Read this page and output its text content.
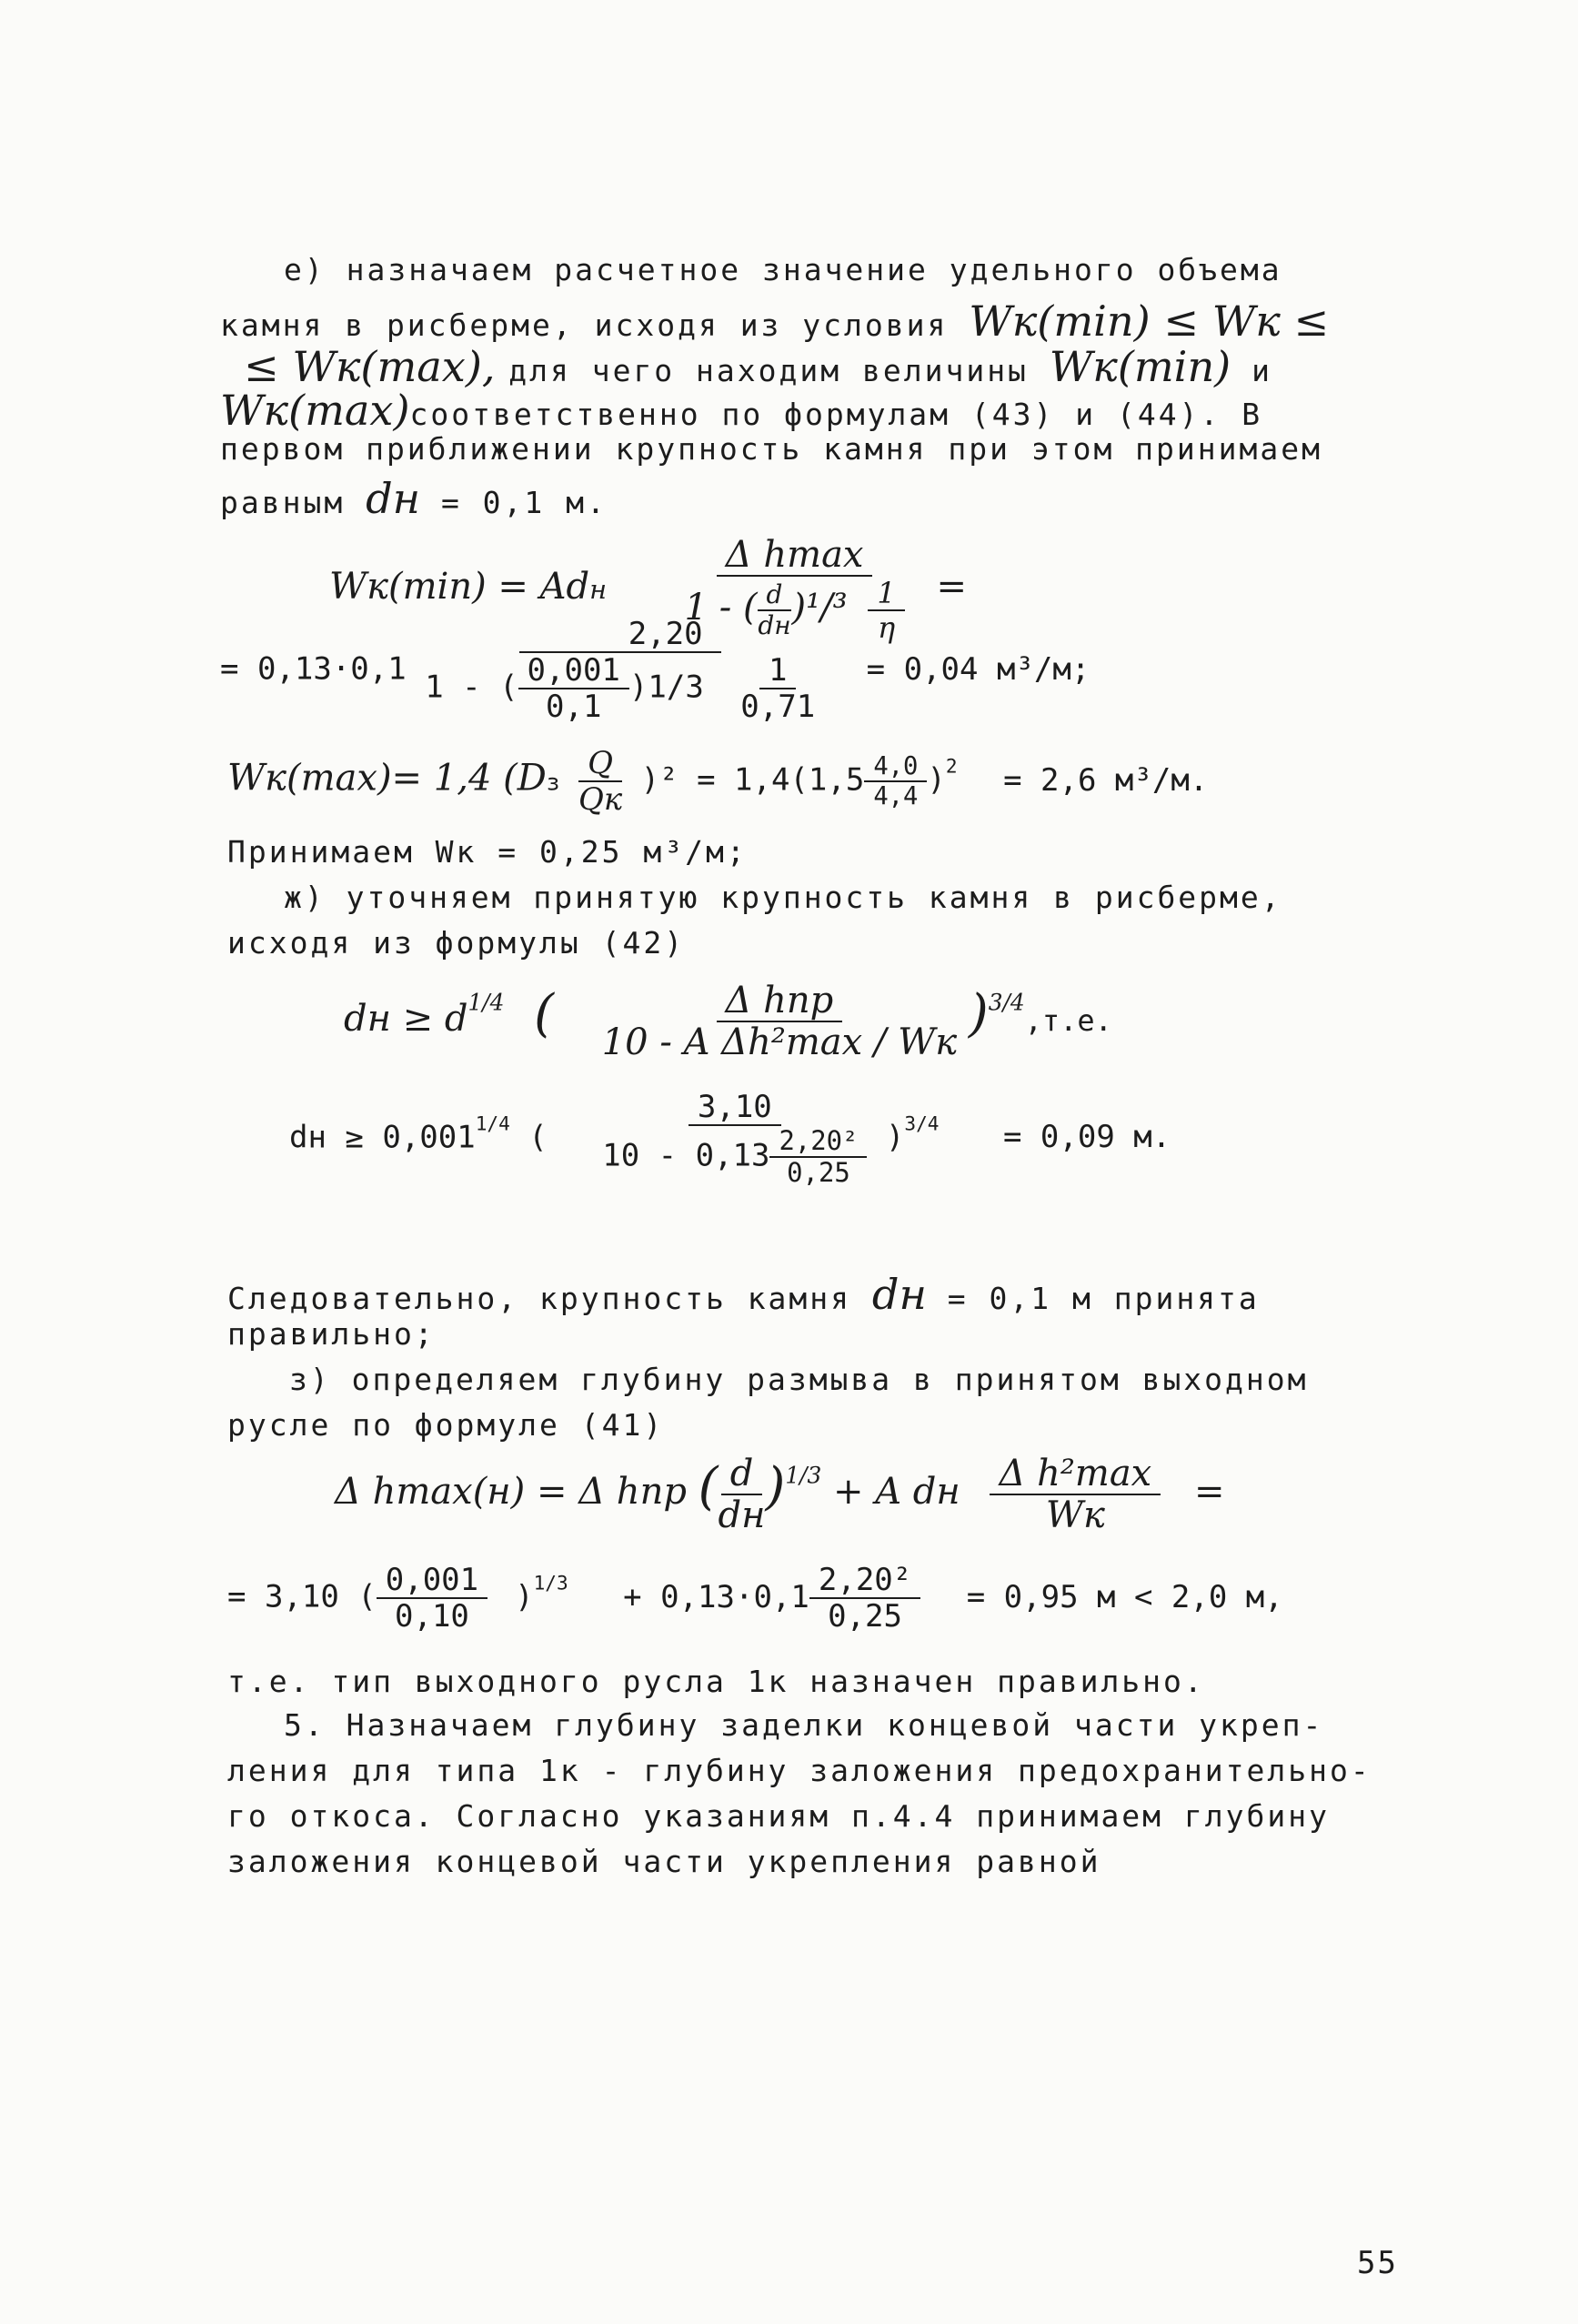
е) назначаем расчетное значение удельного объема
камня в рисберме, исходя из условия Wк(min) ≤ Wк ≤
≤ Wк(max), для чего находим величины Wк(min) и
Wк(max)соответственно по формулам (43) и (44). В
первом приближении крупность камня при этом принимаем
равным dн = 0,1 м.
Wк(min) = Adн $\frac{\text{Δ hmax}}{1 - ( \frac{d}{dн} )^1/^3 \frac{1}{\eta}}$ =
= $0,13\cdot 0,1 \frac{2,20}{1 - ( \frac{0,001}{0,1} )1/3 \frac{1}{0,71}} = 0,04$ м³/м;
Wк(max)= 1,4 $(Dз \frac{Q}{Qк} )^2 = 1,4(1,5 \frac{4,0}{4,4} )^2 = 2,6$ м³/м.
Принимаем Wк = 0,25 м³/м;
ж) уточняем принятую крупность камня в рисберме,
исходя из формулы (42)
dн ≥ $d^{1/4}$ ( $\frac{\text{Δ hпр}}{\text{10 - A Δh²max / Wк}} )^{3/4},т.е$.
dн ≥ $0,001^{1/4}$ ( $\frac{3,10}{10 - 0,13 \frac{\text{2,20²}}{0,25}} )^{3/4} = 0,09$ м.
Следовательно, крупность камня dн = 0,1 м принята
правильно;
з) определяем глубину размыва в принятом выходном
русле по формуле (41)
Δ hmax(н) = Δ hпр ( $\frac{d}{dн} )^{1/3} + A$ dн $\frac{\text{Δ h²max}}{Wк}$ =
= 3,10 ( $\frac{0,001}{0,10} )^{1/3} + 0,13\cdot 0,1 \frac{\text{2,20²}}{0,25} = 0,95$ м < 2,0 м,
т.е. тип выходного русла 1к назначен правильно.
5. Назначаем глубину заделки концевой части укреп-
ления для типа 1к - глубину заложения предохранительно-
го откоса. Согласно указаниям п.4.4 принимаем глубину
заложения концевой части укрепления равной
55
